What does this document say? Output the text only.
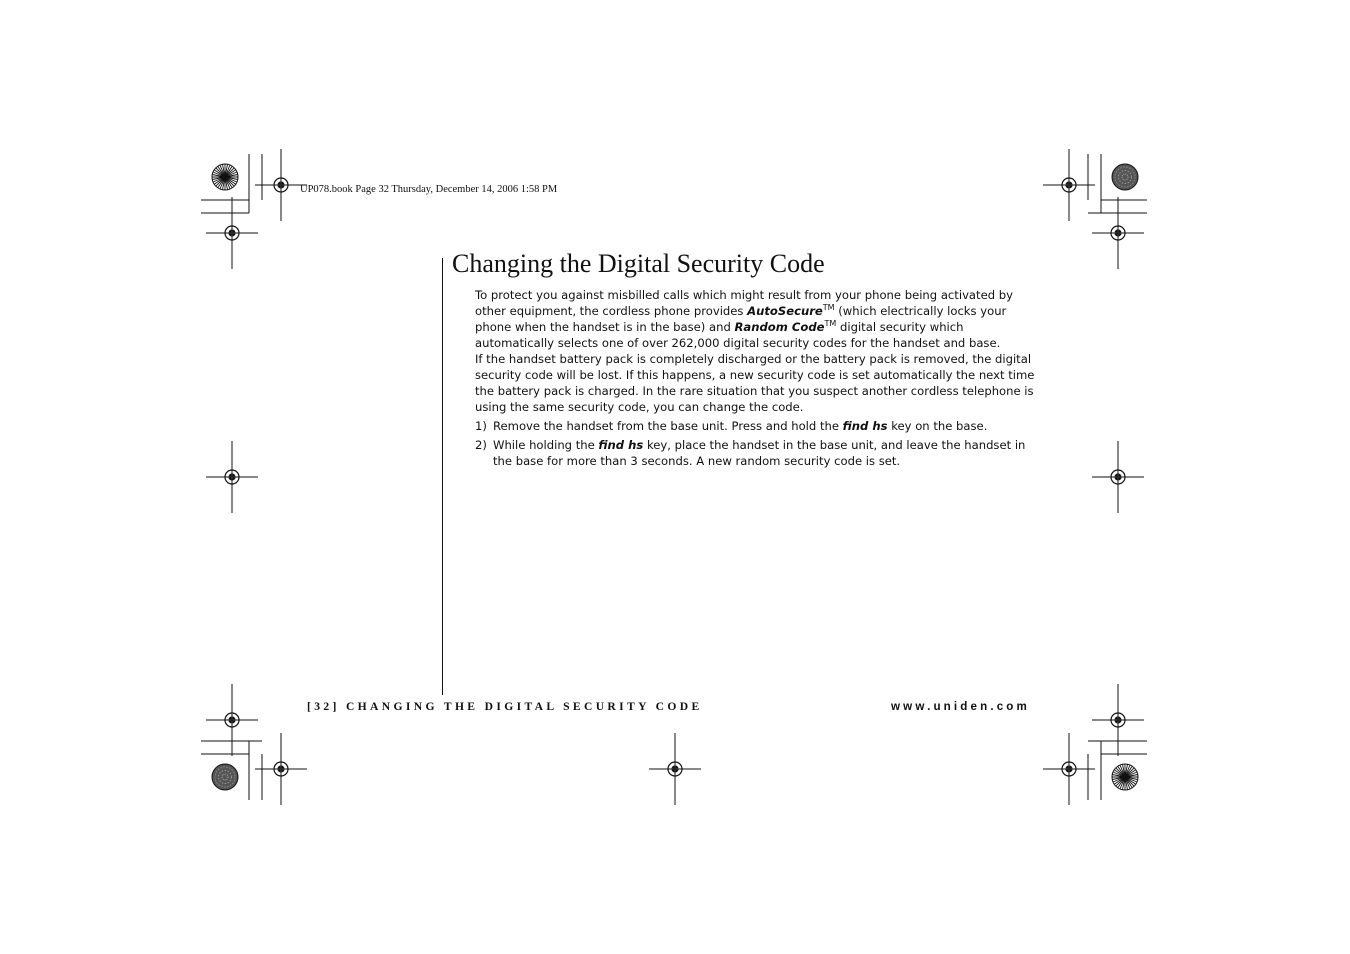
UP078.book Page 32 Thursday, December 14, 2006 1:58 PM
Changing the Digital Security Code

To protect you against misbilled calls which might result from your phone being activated by other equipment, the cordless phone provides AutoSecure™ (which electrically locks your phone when the handset is in the base) and Random Code™ digital security which automatically selects one of over 262,000 digital security codes for the handset and base.

If the handset battery pack is completely discharged or the battery pack is removed, the digital security code will be lost. If this happens, a new security code is set automatically the next time the battery pack is charged. In the rare situation that you suspect another cordless telephone is using the same security code, you can change the code.

1) Remove the handset from the base unit. Press and hold the find hs key on the base.
2) While holding the find hs key, place the handset in the base unit, and leave the handset in the base for more than 3 seconds. A new random security code is set.
[32] CHANGING THE DIGITAL SECURITY CODE	www.uniden.com
